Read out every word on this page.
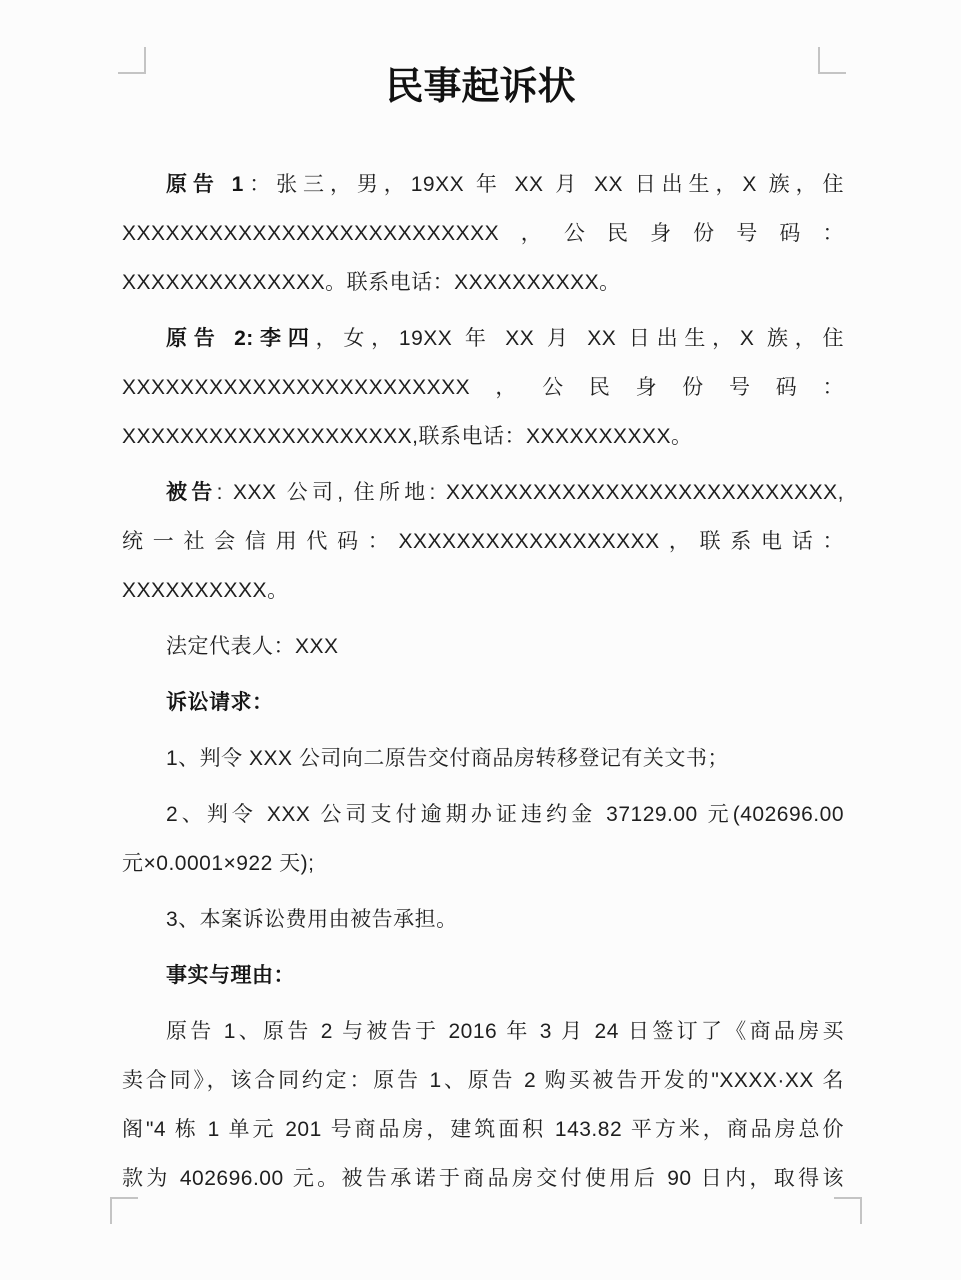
民事起诉状
原告 1：张三，男，19XX 年 XX 月 XX 日出生，X 族，住
XXXXXXXXXXXXXXXXXXXXXXXXXX，公民身份号码：
XXXXXXXXXXXXXX。联系电话：XXXXXXXXXX。
原告 2:李四，女，19XX 年 XX 月 XX 日出生，X 族，住
XXXXXXXXXXXXXXXXXXXXXXXX，公民身份号码：
XXXXXXXXXXXXXXXXXXXX,联系电话：XXXXXXXXXX。
被告: XXX 公司, 住所地: XXXXXXXXXXXXXXXXXXXXXXXXXXX,
统一社会信用代码：XXXXXXXXXXXXXXXXXX，联系电话：
XXXXXXXXXX。
法定代表人：XXX
诉讼请求：
1、判令 XXX 公司向二原告交付商品房转移登记有关文书；
2、判令 XXX 公司支付逾期办证违约金 37129.00 元(402696.00
元×0.0001×922 天);
3、本案诉讼费用由被告承担。
事实与理由：
原告 1、原告 2 与被告于 2016 年 3 月 24 日签订了《商品房买
卖合同》，该合同约定：原告 1、原告 2 购买被告开发的"XXXX·XX 名
阁"4 栋 1 单元 201 号商品房，建筑面积 143.82 平方米，商品房总价
款为 402696.00 元。被告承诺于商品房交付使用后 90 日内，取得该
